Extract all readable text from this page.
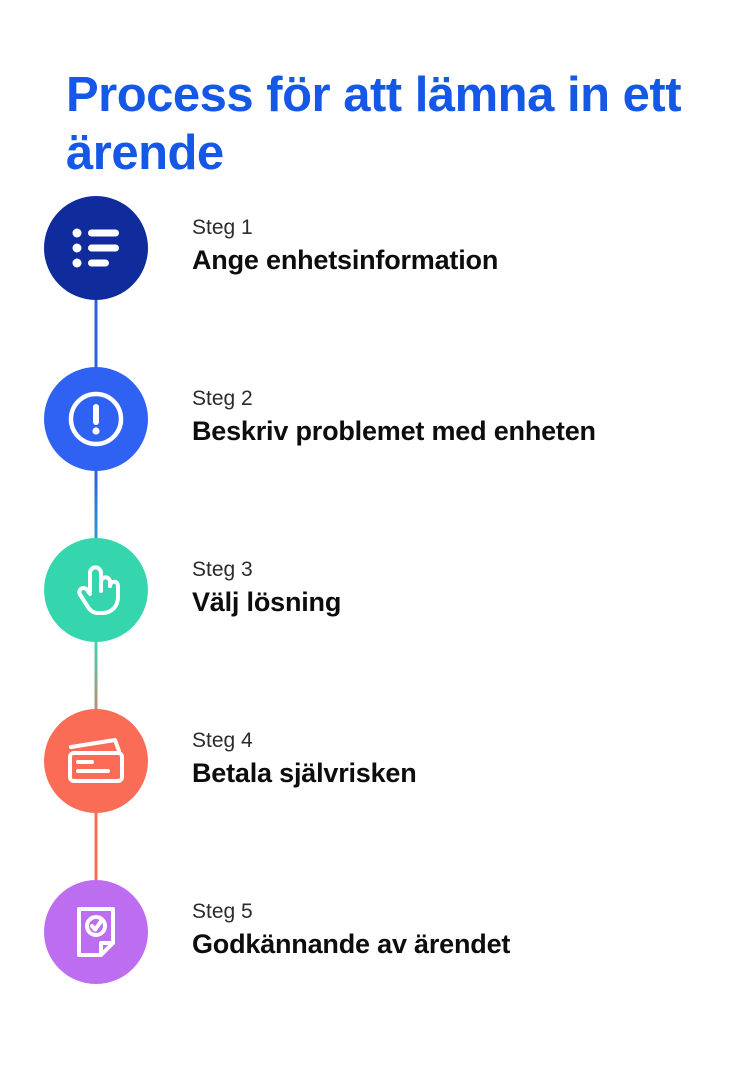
Process för att lämna in ett ärende
Steg 1
Ange enhetsinformation
Steg 2
Beskriv problemet med enheten
Steg 3
Välj lösning
Steg 4
Betala självrisken
Steg 5
Godkännande av ärendet
